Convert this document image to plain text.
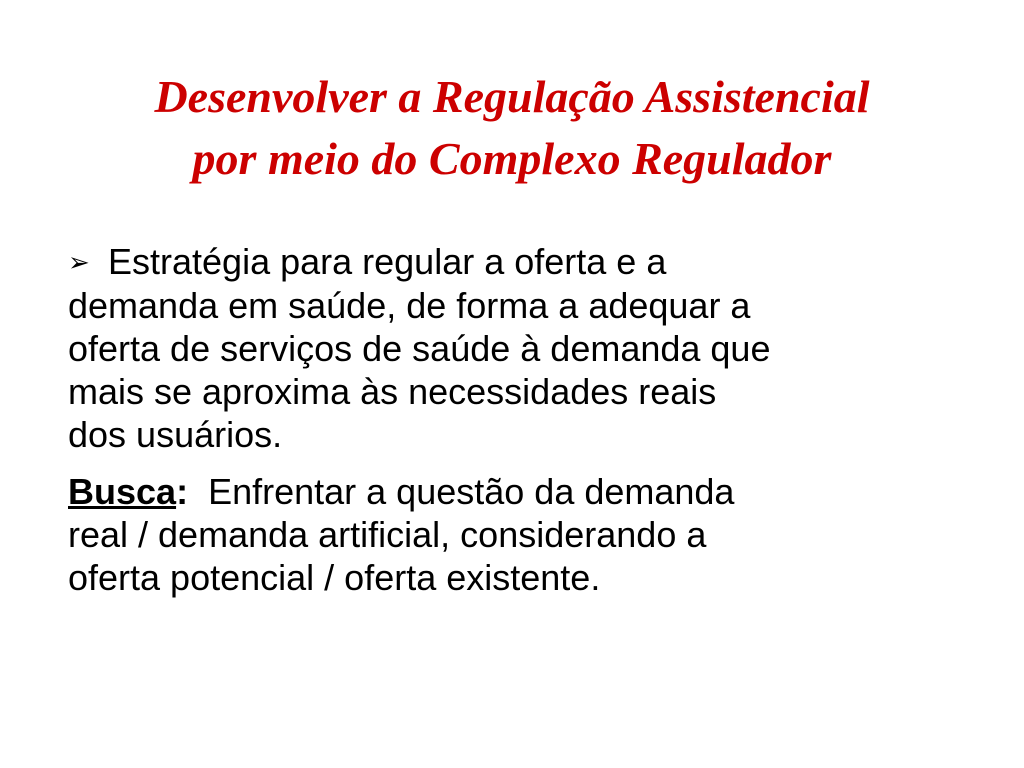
Desenvolver a Regulação Assistencial
por meio do Complexo Regulador
➢ Estratégia para regular a oferta e a
demanda em saúde, de forma a adequar a
oferta de serviços de saúde à demanda que
mais se aproxima às necessidades reais
dos usuários.
Busca: Enfrentar a questão da demanda
real / demanda artificial, considerando a
oferta potencial / oferta existente.
